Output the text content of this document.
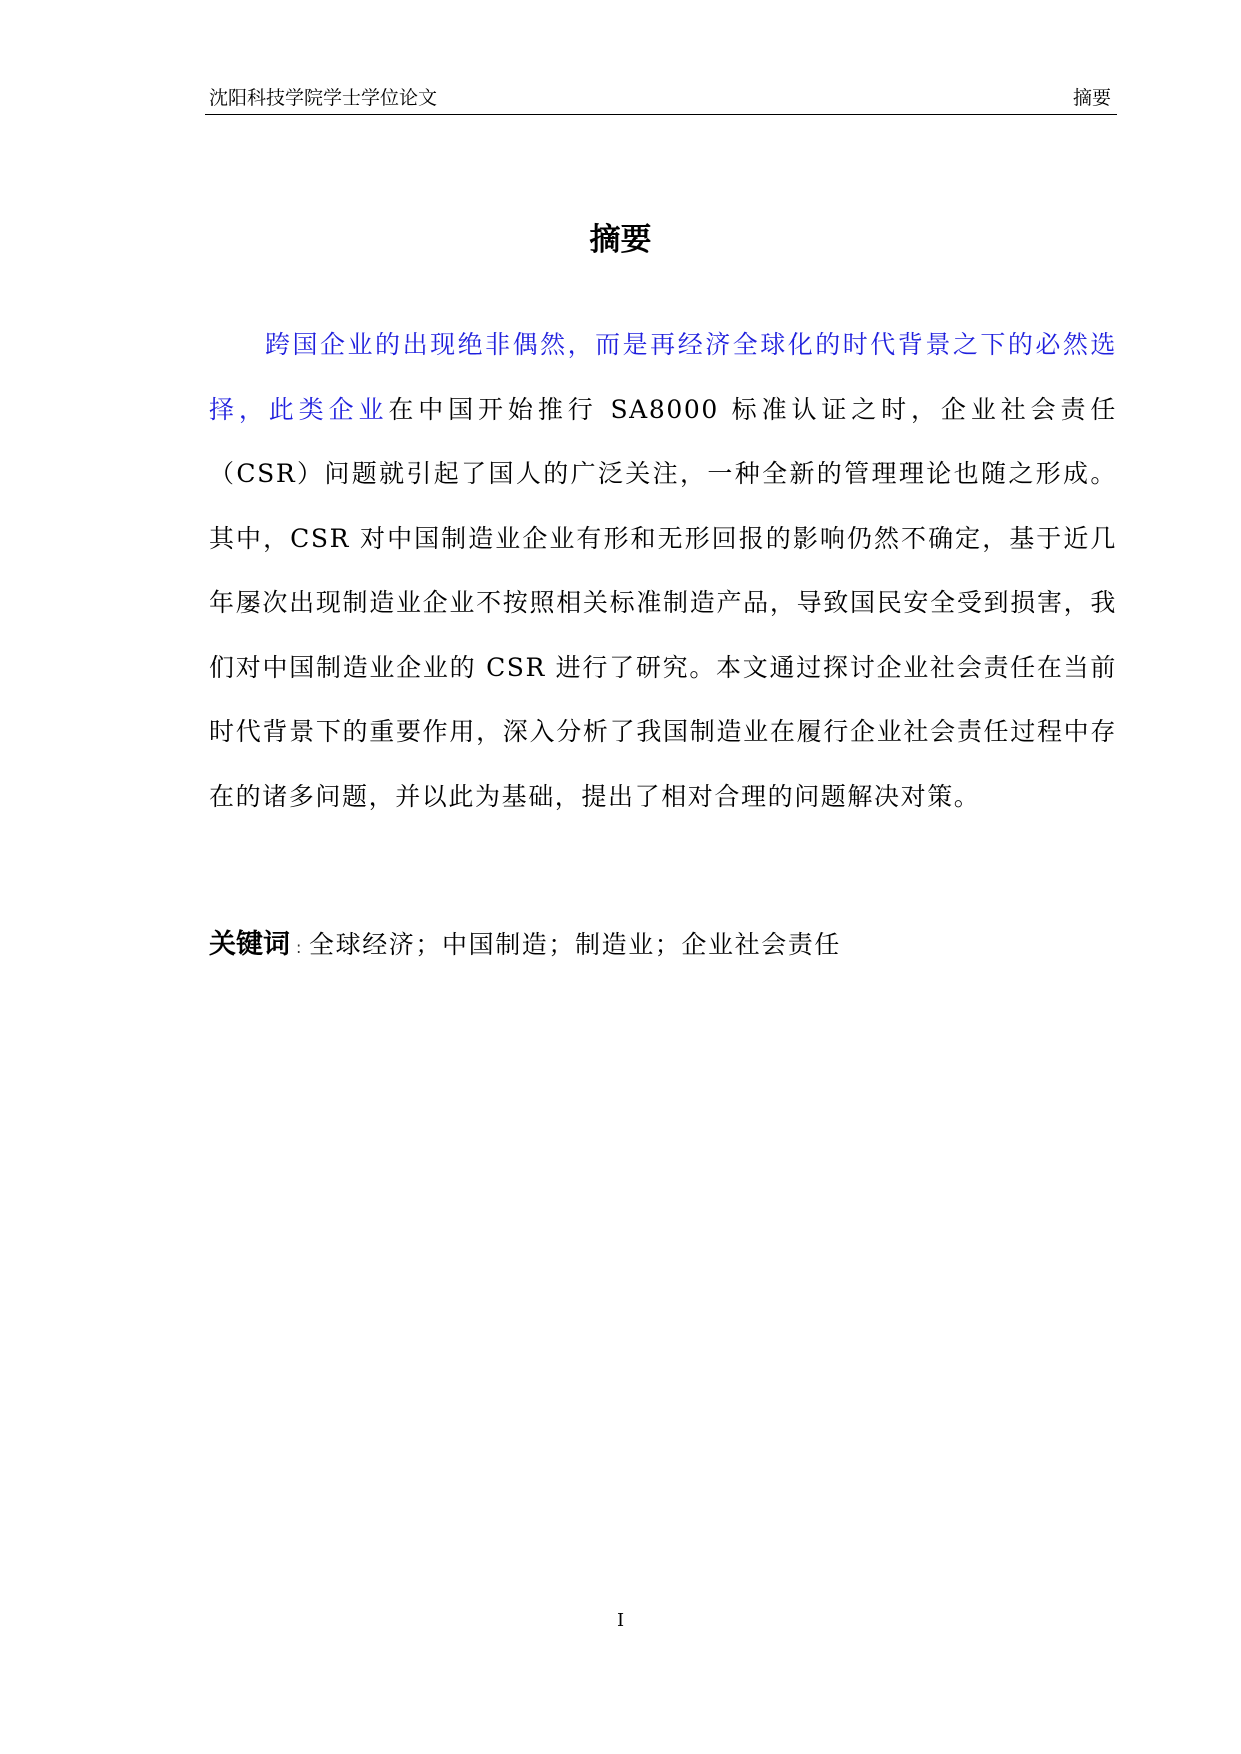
沈阳科技学院学士学位论文	摘要
摘要

跨国企业的出现绝非偶然，而是再经济全球化的时代背景之下的必然选择，此类企业在中国开始推行 SA8000 标准认证之时，企业社会责任（CSR）问题就引起了国人的广泛关注，一种全新的管理理论也随之形成。其中，CSR 对中国制造业企业有形和无形回报的影响仍然不确定，基于近几年屡次出现制造业企业不按照相关标准制造产品，导致国民安全受到损害，我们对中国制造业企业的 CSR 进行了研究。本文通过探讨企业社会责任在当前时代背景下的重要作用，深入分析了我国制造业在履行企业社会责任过程中存在的诸多问题，并以此为基础，提出了相对合理的问题解决对策。

关键词 : 全球经济；中国制造；制造业；企业社会责任
I
